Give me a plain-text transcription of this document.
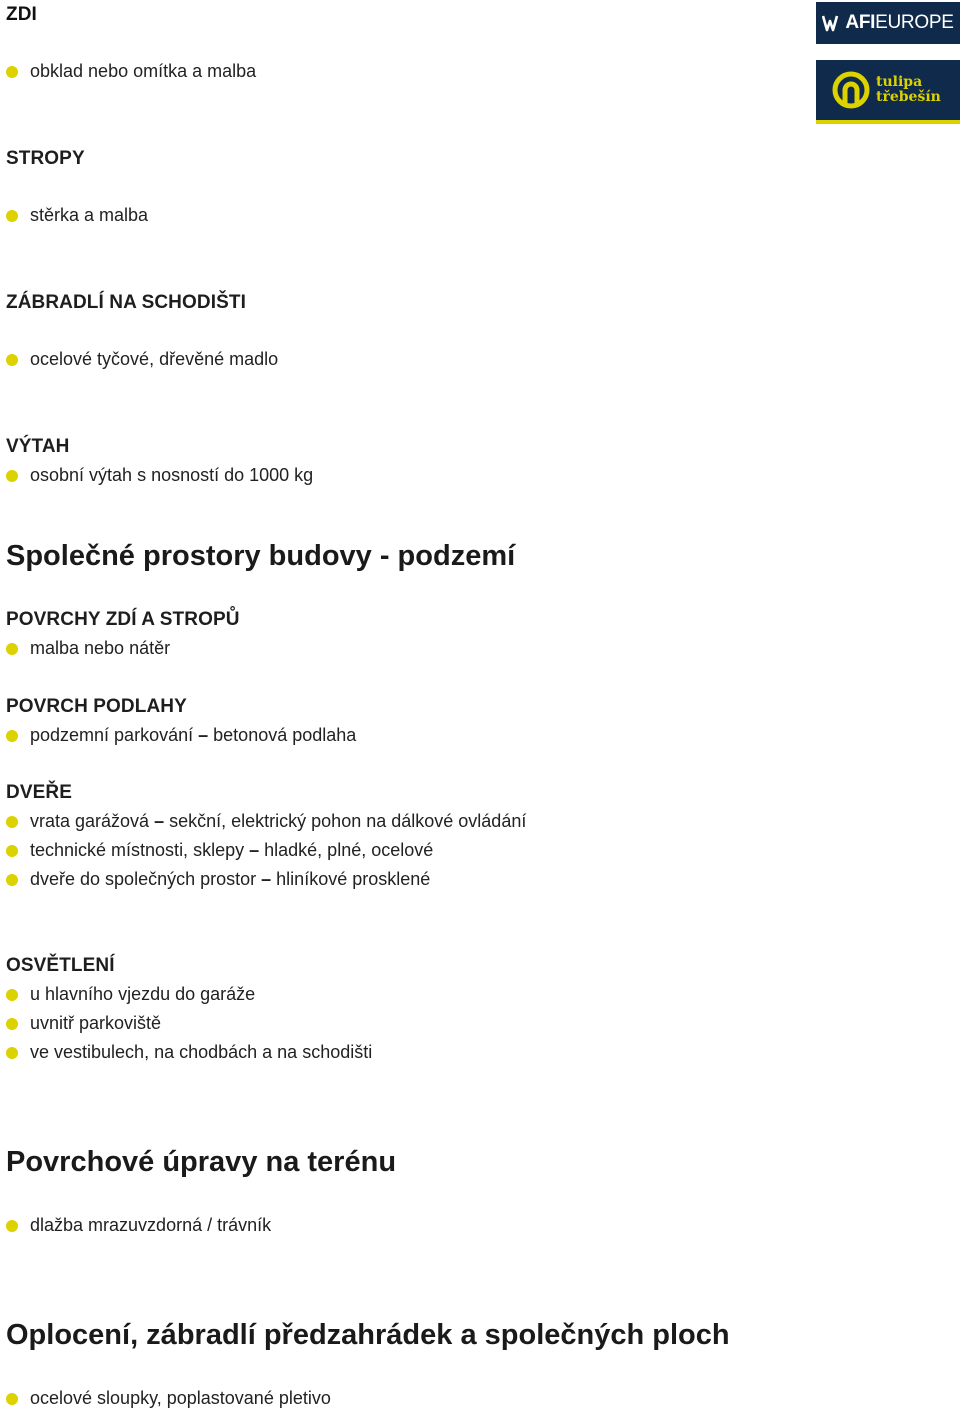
AFI EUROPE
tulipa
třebešín
ZDI
obklad nebo omítka a malba
STROPY
stěrka a malba
ZÁBRADLÍ NA SCHODIŠTI
ocelové tyčové, dřevěné madlo
VÝTAH
osobní výtah s nosností do 1000 kg
Společné prostory budovy - podzemí
POVRCHY ZDÍ A STROPŮ
malba nebo nátěr
POVRCH PODLAHY
podzemní parkování
–
betonová podlaha
DVEŘE
vrata garážová
–
sekční, elektrický pohon na dálkové ovládání
technické místnosti, sklepy
–
hladké, plné, ocelové
dveře do společných prostor
–
hliníkové prosklené
OSVĚTLENÍ
u hlavního vjezdu do garáže
uvnitř parkoviště
ve vestibulech, na chodbách a na schodišti
Povrchové úpravy na terénu
dlažba mrazuvzdorná / trávník
Oplocení, zábradlí předzahrádek a společných ploch
ocelové sloupky, poplastované pletivo
